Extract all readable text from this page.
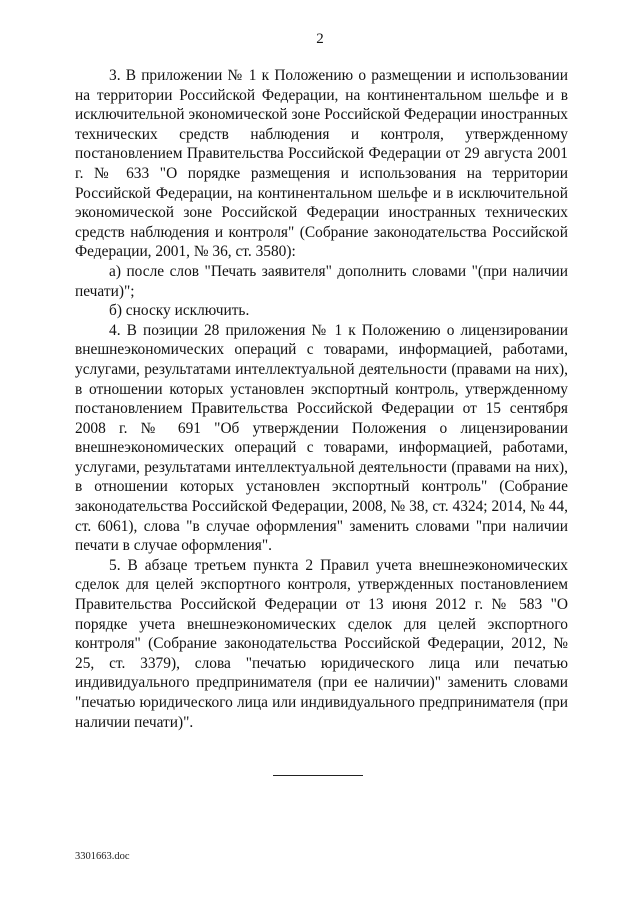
2

3. В приложении № 1 к Положению о размещении и использовании на территории Российской Федерации, на континентальном шельфе и в исключительной экономической зоне Российской Федерации иностранных технических средств наблюдения и контроля, утвержденному постановлением Правительства Российской Федерации от 29 августа 2001 г. № 633 "О порядке размещения и использования на территории Российской Федерации, на континентальном шельфе и в исключительной экономической зоне Российской Федерации иностранных технических средств наблюдения и контроля" (Собрание законодательства Российской Федерации, 2001, № 36, ст. 3580):

а) после слов "Печать заявителя" дополнить словами "(при наличии печати)";

б) сноску исключить.

4. В позиции 28 приложения № 1 к Положению о лицензировании внешнеэкономических операций с товарами, информацией, работами, услугами, результатами интеллектуальной деятельности (правами на них), в отношении которых установлен экспортный контроль, утвержденному постановлением Правительства Российской Федерации от 15 сентября 2008 г. № 691 "Об утверждении Положения о лицензировании внешнеэкономических операций с товарами, информацией, работами, услугами, результатами интеллектуальной деятельности (правами на них), в отношении которых установлен экспортный контроль" (Собрание законодательства Российской Федерации, 2008, № 38, ст. 4324; 2014, № 44, ст. 6061), слова "в случае оформления" заменить словами "при наличии печати в случае оформления".

5. В абзаце третьем пункта 2 Правил учета внешнеэкономических сделок для целей экспортного контроля, утвержденных постановлением Правительства Российской Федерации от 13 июня 2012 г. № 583 "О порядке учета внешнеэкономических сделок для целей экспортного контроля" (Собрание законодательства Российской Федерации, 2012, № 25, ст. 3379), слова "печатью юридического лица или печатью индивидуального предпринимателя (при ее наличии)" заменить словами "печатью юридического лица или индивидуального предпринимателя (при наличии печати)".

3301663.doc
